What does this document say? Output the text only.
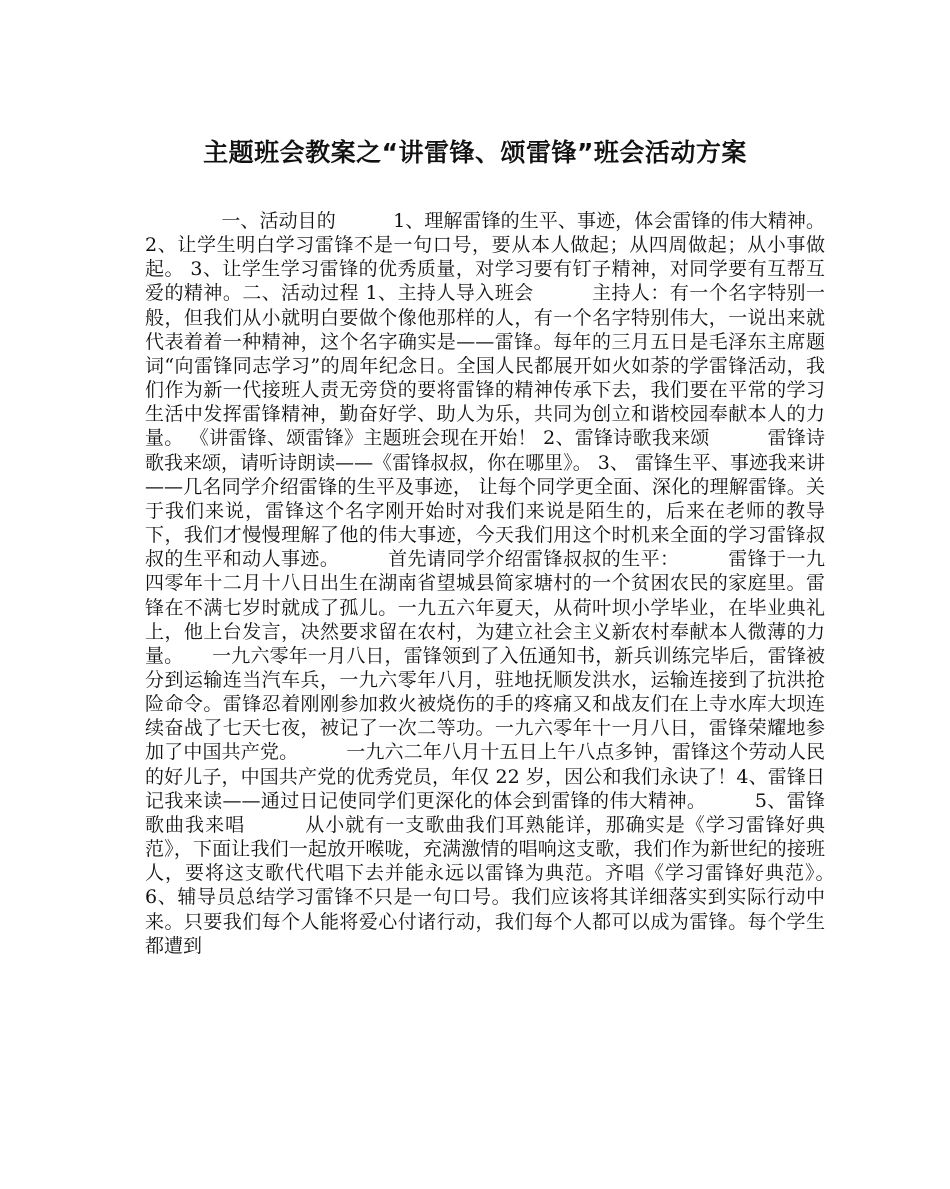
主题班会教案之“讲雷锋、颂雷锋”班会活动方案

　　　　一、活动目的　　　1、理解雷锋的生平、事迹，体会雷锋的伟大精神。 2、让学生明白学习雷锋不是一句口号，要从本人做起；从四周做起；从小事做起。 3、让学生学习雷锋的优秀质量，对学习要有钉子精神，对同学要有互帮互爱的精神。二、活动过程 1、主持人导入班会　　　主持人：有一个名字特别一般，但我们从小就明白要做个像他那样的人，有一个名字特别伟大，一说出来就代表着着一种精神，这个名字确实是——雷锋。每年的三月五日是毛泽东主席题词“向雷锋同志学习”的周年纪念日。全国人民都展开如火如荼的学雷锋活动，我们作为新一代接班人责无旁贷的要将雷锋的精神传承下去，我们要在平常的学习生活中发挥雷锋精神，勤奋好学、助人为乐，共同为创立和谐校园奉献本人的力量。 《讲雷锋、颂雷锋》主题班会现在开始！ 2、雷锋诗歌我来颂　　　雷锋诗歌我来颂，请听诗朗读——《雷锋叔叔，你在哪里》。 3、 雷锋生平、事迹我来讲——几名同学介绍雷锋的生平及事迹， 让每个同学更全面、深化的理解雷锋。关于我们来说，雷锋这个名字刚开始时对我们来说是陌生的，后来在老师的教导下，我们才慢慢理解了他的伟大事迹，今天我们用这个时机来全面的学习雷锋叔叔的生平和动人事迹。　　　首先请同学介绍雷锋叔叔的生平：　　　雷锋于一九四零年十二月十八日出生在湖南省望城县简家塘村的一个贫困农民的家庭里。雷锋在不满七岁时就成了孤儿。一九五六年夏天，从荷叶坝小学毕业，在毕业典礼上，他上台发言，决然要求留在农村，为建立社会主义新农村奉献本人微薄的力量。　　一九六零年一月八日，雷锋领到了入伍通知书，新兵训练完毕后，雷锋被分到运输连当汽车兵，一九六零年八月，驻地抚顺发洪水，运输连接到了抗洪抢险命令。雷锋忍着刚刚参加救火被烧伤的手的疼痛又和战友们在上寺水库大坝连续奋战了七天七夜，被记了一次二等功。一九六零年十一月八日，雷锋荣耀地参加了中国共产党。　　　一九六二年八月十五日上午八点多钟，雷锋这个劳动人民的好儿子，中国共产党的优秀党员，年仅 22 岁，因公和我们永诀了！4、雷锋日记我来读——通过日记使同学们更深化的体会到雷锋的伟大精神。　　　5、雷锋歌曲我来唱　　　从小就有一支歌曲我们耳熟能详，那确实是《学习雷锋好典范》，下面让我们一起放开喉咙，充满激情的唱响这支歌，我们作为新世纪的接班人，要将这支歌代代唱下去并能永远以雷锋为典范。齐唱《学习雷锋好典范》。　　　6、辅导员总结学习雷锋不只是一句口号。我们应该将其详细落实到实际行动中来。只要我们每个人能将爱心付诸行动，我们每个人都可以成为雷锋。每个学生都遭到
